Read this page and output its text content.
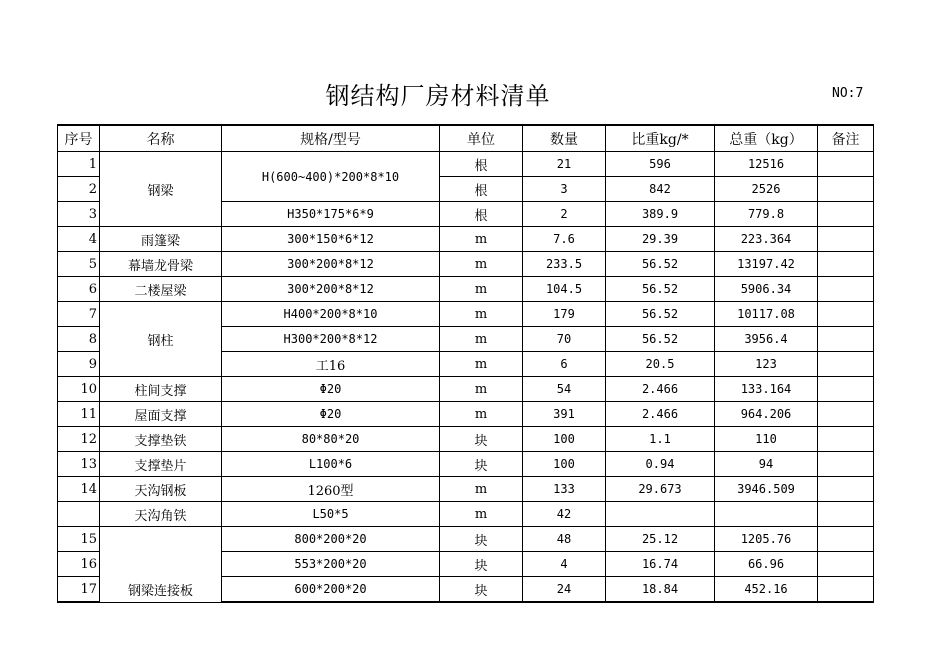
钢结构厂房材料清单	NO:7
序号	名称	规格/型号	单位	数量	比重kg/*	总重（kg）	备注
1	钢梁	H(600~400)*200*8*10	根	21	596	12516	
2			根	3	842	2526	
3		H350*175*6*9	根	2	389.9	779.8	
4	雨篷梁	300*150*6*12	m	7.6	29.39	223.364	
5	幕墙龙骨梁	300*200*8*12	m	233.5	56.52	13197.42	
6	二楼屋梁	300*200*8*12	m	104.5	56.52	5906.34	
7	钢柱	H400*200*8*10	m	179	56.52	10117.08	
8		H300*200*8*12	m	70	56.52	3956.4	
9		工16	m	6	20.5	123	
10	柱间支撑	Φ20	m	54	2.466	133.164	
11	屋面支撑	Φ20	m	391	2.466	964.206	
12	支撑垫铁	80*80*20	块	100	1.1	110	
13	支撑垫片	L100*6	块	100	0.94	94	
14	天沟钢板	1260型	m	133	29.673	3946.509	
	天沟角铁	L50*5	m	42			
15	钢梁连接板	800*200*20	块	48	25.12	1205.76	
16		553*200*20	块	4	16.74	66.96	
17		600*200*20	块	24	18.84	452.16	
